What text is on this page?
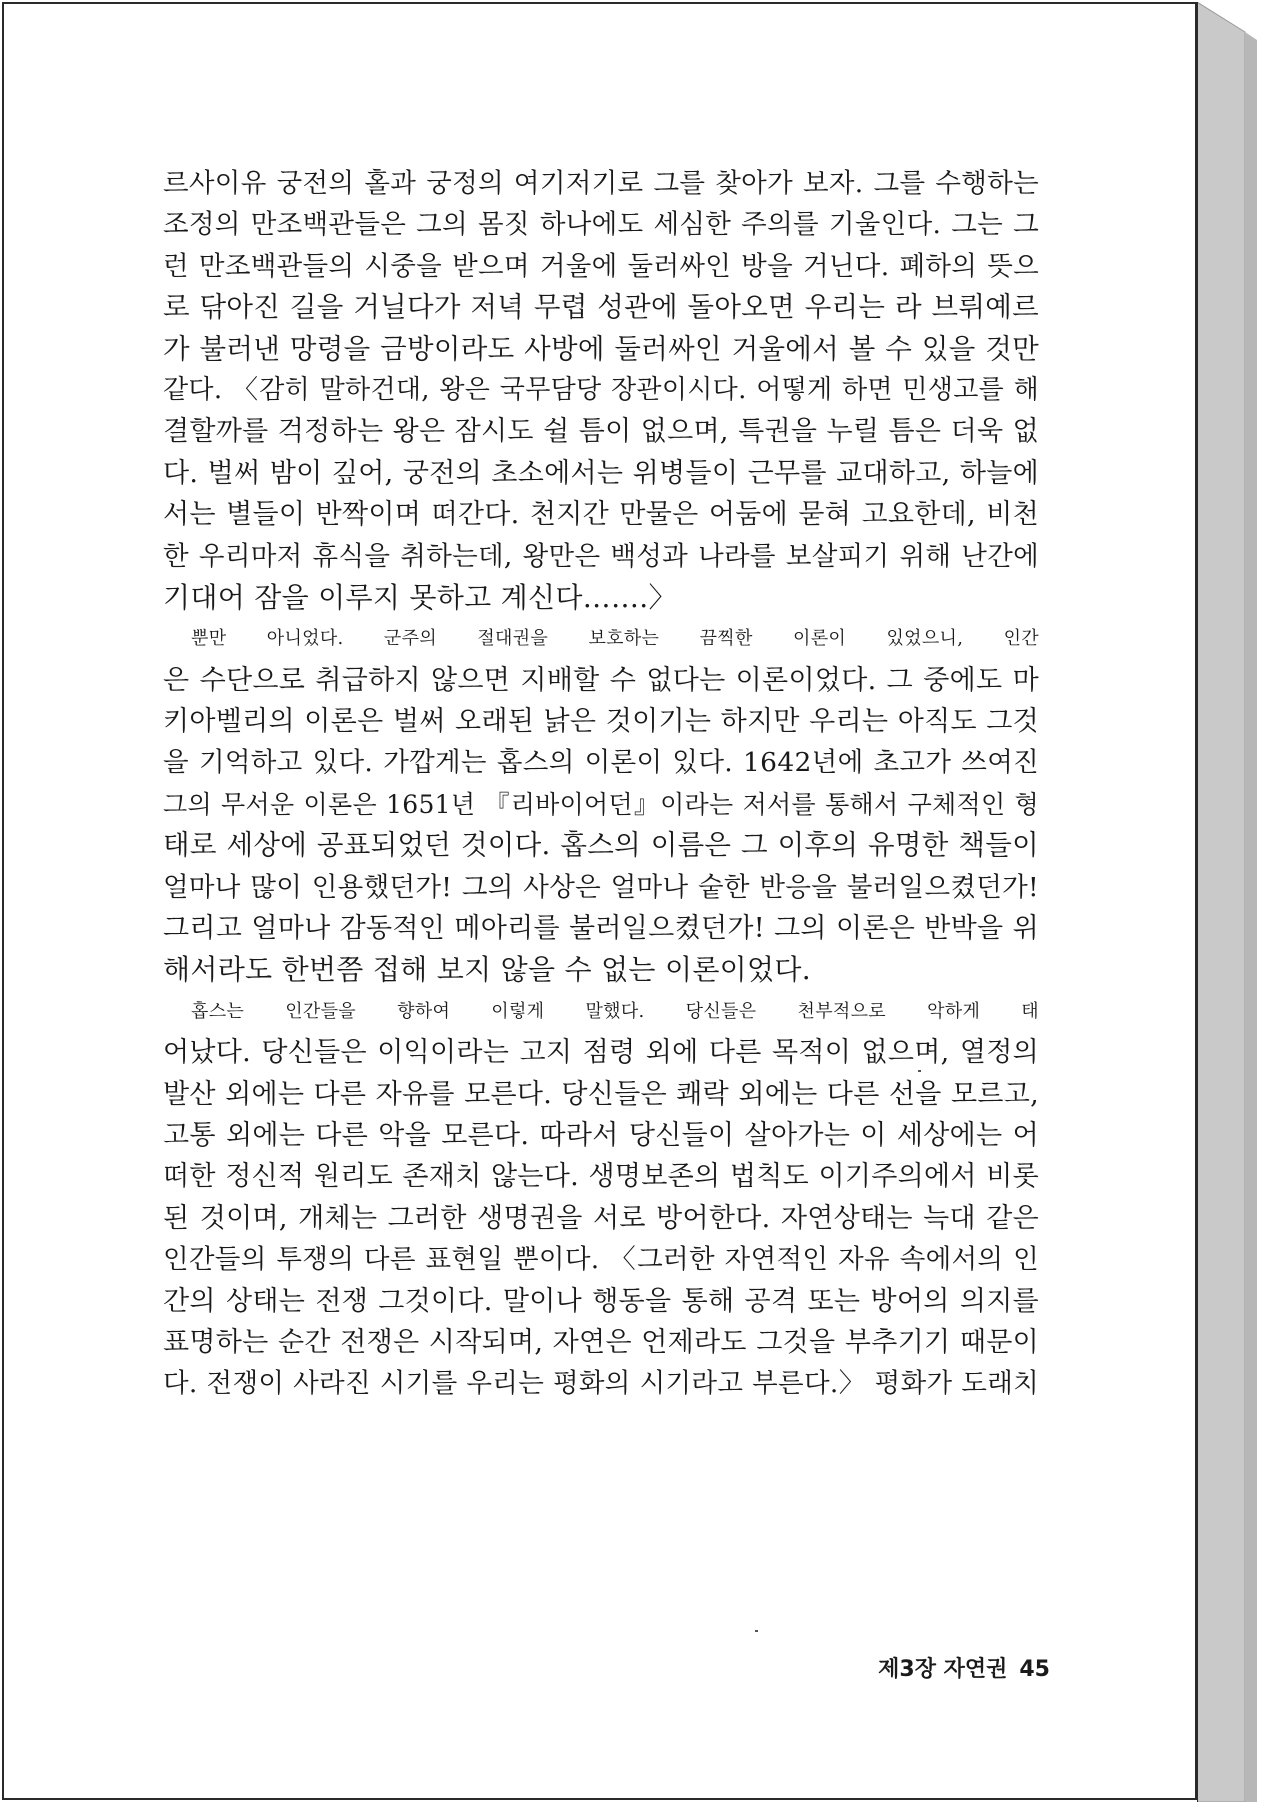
르사이유 궁전의 홀과 궁정의 여기저기로 그를 찾아가 보자. 그를 수행하는
조정의 만조백관들은 그의 몸짓 하나에도 세심한 주의를 기울인다. 그는 그
런 만조백관들의 시중을 받으며 거울에 둘러싸인 방을 거닌다. 폐하의 뜻으
로 닦아진 길을 거닐다가 저녁 무렵 성관에 돌아오면 우리는 라 브뤼예르
가 불러낸 망령을 금방이라도 사방에 둘러싸인 거울에서 볼 수 있을 것만
같다. 〈감히 말하건대, 왕은 국무담당 장관이시다. 어떻게 하면 민생고를 해
결할까를 걱정하는 왕은 잠시도 쉴 틈이 없으며, 특권을 누릴 틈은 더욱 없
다. 벌써 밤이 깊어, 궁전의 초소에서는 위병들이 근무를 교대하고, 하늘에
서는 별들이 반짝이며 떠간다. 천지간 만물은 어둠에 묻혀 고요한데, 비천
한 우리마저 휴식을 취하는데, 왕만은 백성과 나라를 보살피기 위해 난간에
기대어 잠을 이루지 못하고 계신다…….〉
뿐만 아니었다. 군주의 절대권을 보호하는 끔찍한 이론이 있었으니, 인간
은 수단으로 취급하지 않으면 지배할 수 없다는 이론이었다. 그 중에도 마
키아벨리의 이론은 벌써 오래된 낡은 것이기는 하지만 우리는 아직도 그것
을 기억하고 있다. 가깝게는 홉스의 이론이 있다. 1642년에 초고가 쓰여진
그의 무서운 이론은 1651년 『리바이어던』이라는 저서를 통해서 구체적인 형
태로 세상에 공표되었던 것이다. 홉스의 이름은 그 이후의 유명한 책들이
얼마나 많이 인용했던가! 그의 사상은 얼마나 숱한 반응을 불러일으켰던가!
그리고 얼마나 감동적인 메아리를 불러일으켰던가! 그의 이론은 반박을 위
해서라도 한번쯤 접해 보지 않을 수 없는 이론이었다.
홉스는 인간들을 향하여 이렇게 말했다. 당신들은 천부적으로 악하게 태
어났다. 당신들은 이익이라는 고지 점령 외에 다른 목적이 없으며, 열정의
발산 외에는 다른 자유를 모른다. 당신들은 쾌락 외에는 다른 선을 모르고,
고통 외에는 다른 악을 모른다. 따라서 당신들이 살아가는 이 세상에는 어
떠한 정신적 원리도 존재치 않는다. 생명보존의 법칙도 이기주의에서 비롯
된 것이며, 개체는 그러한 생명권을 서로 방어한다. 자연상태는 늑대 같은
인간들의 투쟁의 다른 표현일 뿐이다. 〈그러한 자연적인 자유 속에서의 인
간의 상태는 전쟁 그것이다. 말이나 행동을 통해 공격 또는 방어의 의지를
표명하는 순간 전쟁은 시작되며, 자연은 언제라도 그것을 부추기기 때문이
다. 전쟁이 사라진 시기를 우리는 평화의 시기라고 부른다.〉 평화가 도래치
제3장 자연권 45
